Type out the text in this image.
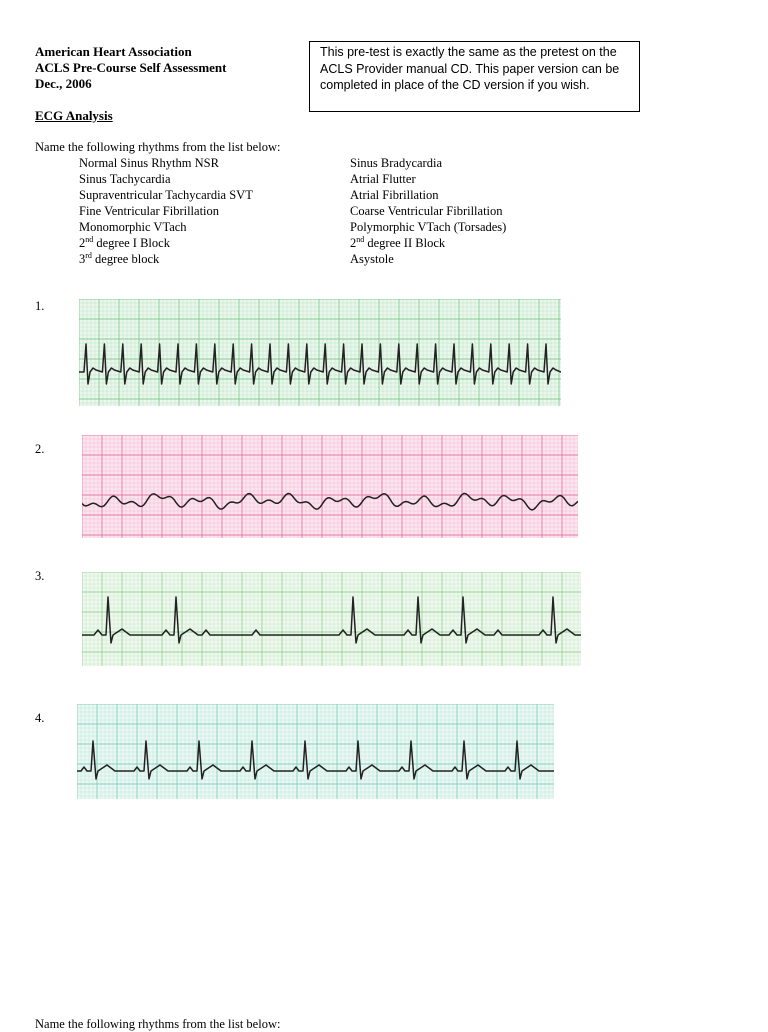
American Heart Association
ACLS Pre-Course Self Assessment
Dec., 2006
This pre-test is exactly the same as the pretest on the ACLS Provider manual CD. This paper version can be completed in place of the CD version if you wish.
ECG Analysis
Name the following rhythms from the list below:
Normal Sinus Rhythm NSR
Sinus Tachycardia
Supraventricular Tachycardia SVT
Fine Ventricular Fibrillation
Monomorphic VTach
2nd degree I Block
3rd degree block
Sinus Bradycardia
Atrial Flutter
Atrial Fibrillation
Coarse Ventricular Fibrillation
Polymorphic VTach (Torsades)
2nd degree II Block
Asystole
1.
2.
3.
4.
Name the following rhythms from the list below:
